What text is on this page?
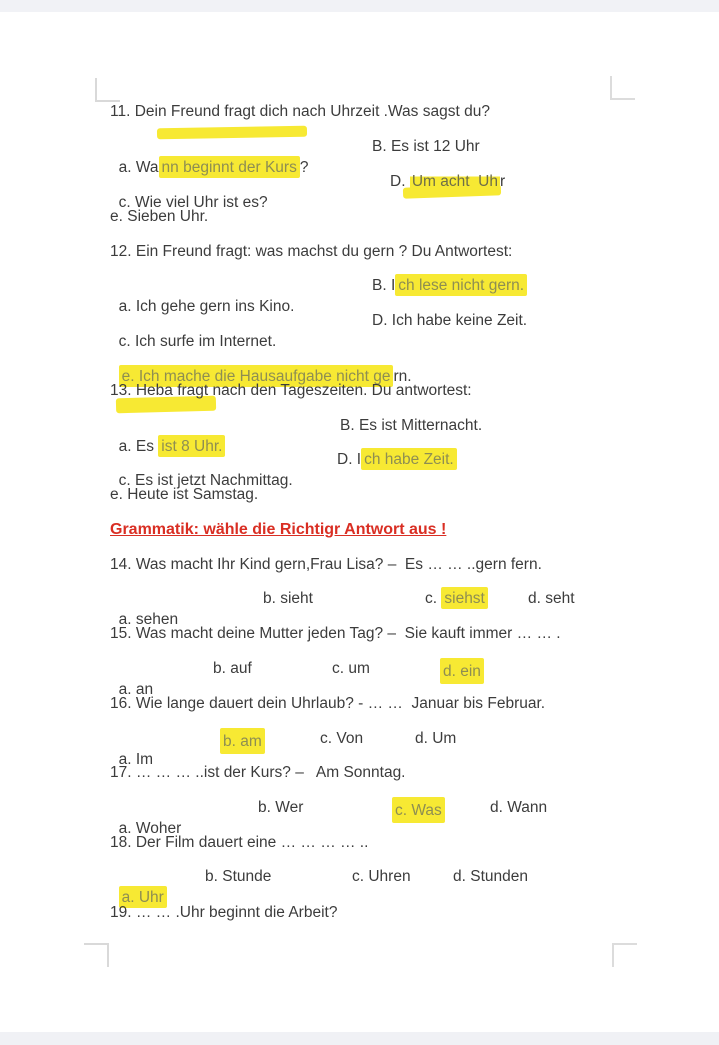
11. Dein Freund fragt dich nach Uhrzeit .Was sagst du?

a. Wa nn beginnt der Kurs ?

B. Es ist 12 Uhr

c. Wie viel Uhr ist es?

D. Um acht  Uh r

e. Sieben Uhr.
12. Ein Freund fragt: was machst du gern ? Du Antwortest:

a. Ich gehe gern ins Kino.

B. I ch lese nicht gern.

c. Ich surfe im Internet.

D. Ich habe keine Zeit.

e. Ich mache die Hausaufgabe nicht ge rn.

13. Heba fragt nach den Tageszeiten. Du antwortest:

a. Es ist 8 Uhr.

B. Es ist Mitternacht.

c. Es ist jetzt Nachmittag.

D. I ch habe Zeit.

e. Heute ist Samstag.
Grammatik: wähle die Richtigr Antwort aus !
14. Was macht Ihr Kind gern,Frau Lisa? –  Es … … ..gern fern.

a. sehen

b. sieht

	c. siehst

	d. seht

15. Was macht deine Mutter jeden Tag? –  Sie kauft immer … … .

a. an

b. auf

	c. um

	d. ein

16. Wie lange dauert dein Uhrlaub? - … …  Januar bis Februar.

a. Im

b. am

	c. Von

	d. Um

17. … … … ..ist der Kurs? –   Am Sonntag.

a. Woher

b. Wer

	c. Was

	d. Wann

18. Der Film dauert eine … … … … ..

a. Uhr

b. Stunde

	c. Uhren

	d. Stunden

19. … … .Uhr beginnt die Arbeit?
